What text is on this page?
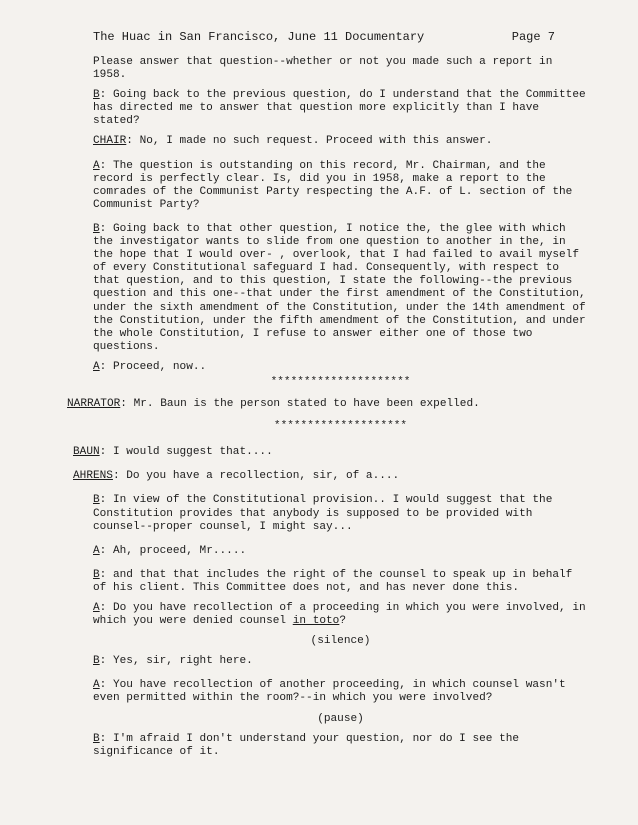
The Huac in San Francisco, June 11 Documentary	Page 7

Please answer that question--whether or not you made such a report in 1958.

B: Going back to the previous question, do I understand that the Committee has directed me to answer that question more explicitly than I have stated?

CHAIR: No, I made no such request. Proceed with this answer.

A: The question is outstanding on this record, Mr. Chairman, and the record is perfectly clear. Is, did you in 1958, make a report to the comrades of the Communist Party respecting the A.F. of L. section of the Communist Party?

B: Going back to that other question, I notice the, the glee with which the investigator wants to slide from one question to another in the, in the hope that I would over- , overlook, that I had failed to avail myself of every Constitutional safeguard I had. Consequently, with respect to that question, and to this question, I state the following--the previous question and this one--that under the first amendment of the Constitution, under the sixth amendment of the Constitution, under the 14th amendment of the Constitution, under the fifth amendment of the Constitution, and under the whole Constitution, I refuse to answer either one of those two questions.

A: Proceed, now..

*********************

NARRATOR: Mr. Baun is the person stated to have been expelled.

********************

BAUN: I would suggest that....

AHRENS: Do you have a recollection, sir, of a....

B: In view of the Constitutional provision.. I would suggest that the Constitution provides that anybody is supposed to be provided with counsel--proper counsel, I might say...

A: Ah, proceed, Mr.....

B: and that that includes the right of the counsel to speak up in behalf of his client. This Committee does not, and has never done this.

A: Do you have recollection of a proceeding in which you were involved, in which you were denied counsel in toto?

(silence)

B: Yes, sir, right here.

A: You have recollection of another proceeding, in which counsel wasn't even permitted within the room?--in which you were involved?

(pause)

B: I'm afraid I don't understand your question, nor do I see the significance of it.
